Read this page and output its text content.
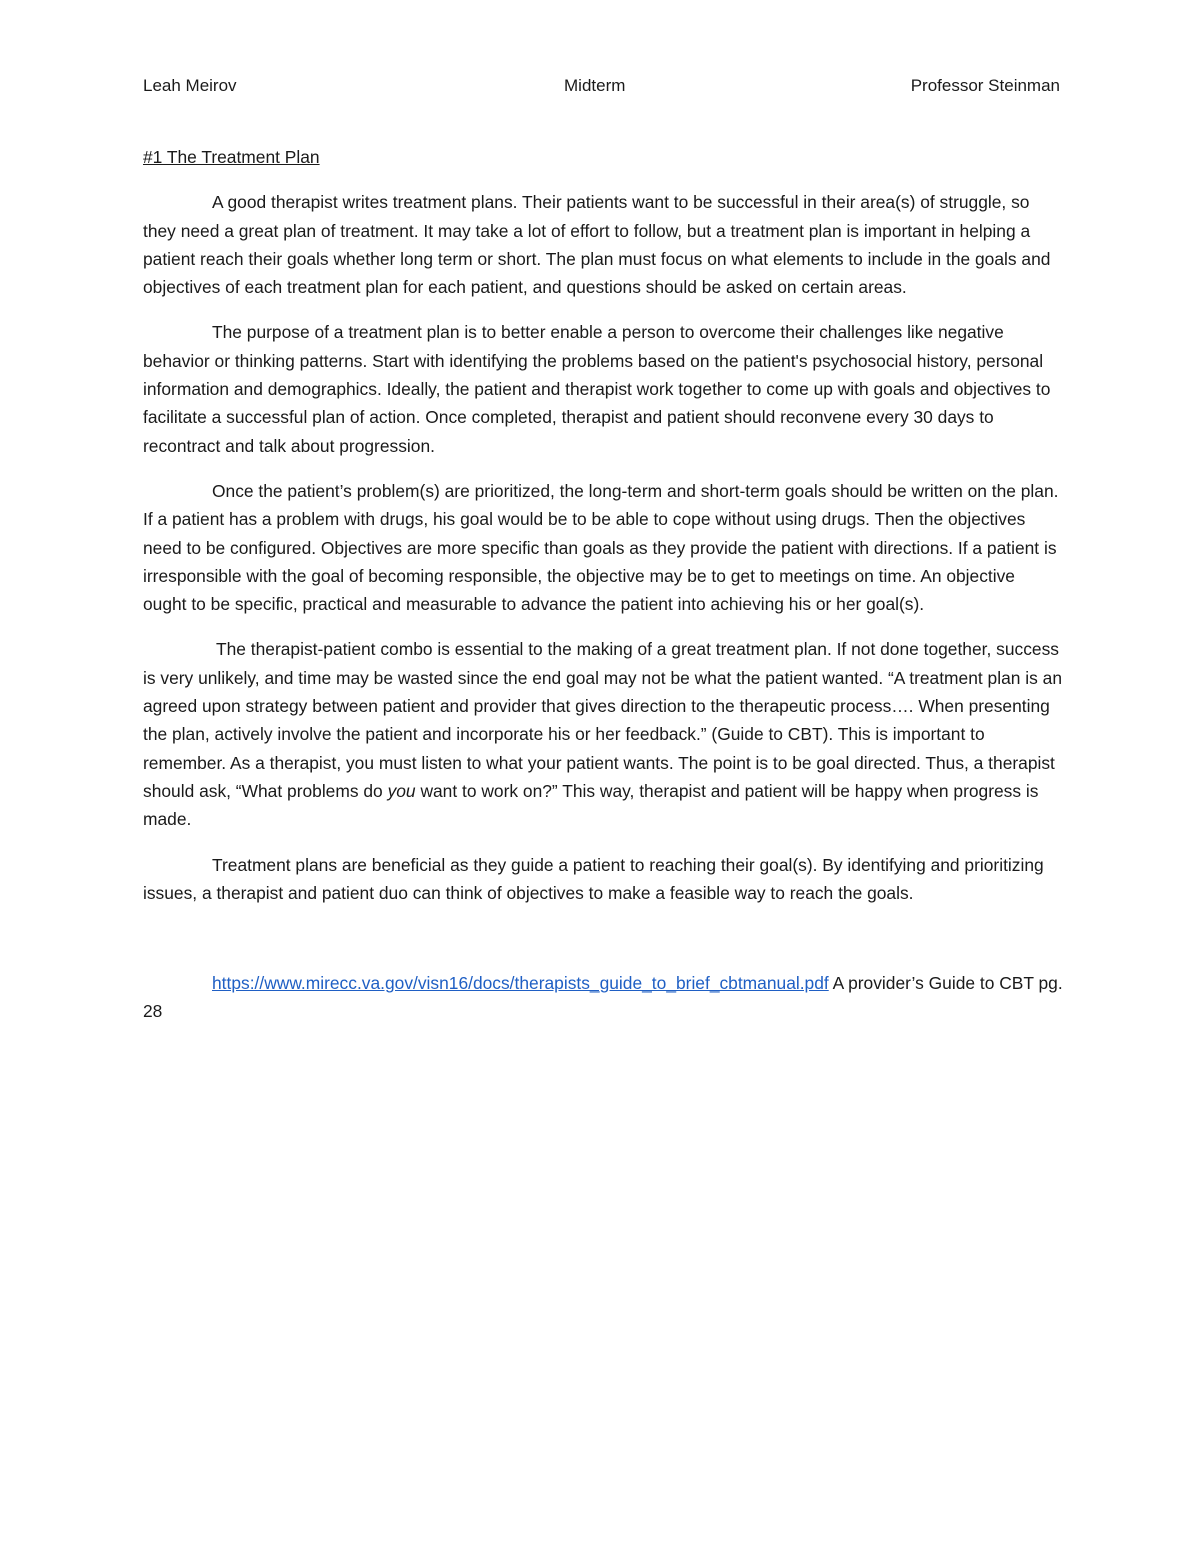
Leah Meirov	Midterm	Professor Steinman
#1 The Treatment Plan

A good therapist writes treatment plans. Their patients want to be successful in their area(s) of struggle, so they need a great plan of treatment. It may take a lot of effort to follow, but a treatment plan is important in helping a patient reach their goals whether long term or short. The plan must focus on what elements to include in the goals and objectives of each treatment plan for each patient, and questions should be asked on certain areas.

The purpose of a treatment plan is to better enable a person to overcome their challenges like negative behavior or thinking patterns. Start with identifying the problems based on the patient's psychosocial history, personal information and demographics. Ideally, the patient and therapist work together to come up with goals and objectives to facilitate a successful plan of action. Once completed, therapist and patient should reconvene every 30 days to recontract and talk about progression.

Once the patient’s problem(s) are prioritized, the long-term and short-term goals should be written on the plan. If a patient has a problem with drugs, his goal would be to be able to cope without using drugs. Then the objectives need to be configured. Objectives are more specific than goals as they provide the patient with directions. If a patient is irresponsible with the goal of becoming responsible, the objective may be to get to meetings on time. An objective ought to be specific, practical and measurable to advance the patient into achieving his or her goal(s).

The therapist-patient combo is essential to the making of a great treatment plan. If not done together, success is very unlikely, and time may be wasted since the end goal may not be what the patient wanted. “A treatment plan is an agreed upon strategy between patient and provider that gives direction to the therapeutic process…. When presenting the plan, actively involve the patient and incorporate his or her feedback.” (Guide to CBT). This is important to remember. As a therapist, you must listen to what your patient wants. The point is to be goal directed. Thus, a therapist should ask, “What problems do you want to work on?” This way, therapist and patient will be happy when progress is made.

Treatment plans are beneficial as they guide a patient to reaching their goal(s). By identifying and prioritizing issues, a therapist and patient duo can think of objectives to make a feasible way to reach the goals.

https://www.mirecc.va.gov/visn16/docs/therapists_guide_to_brief_cbtmanual.pdf A provider’s Guide to CBT pg. 28
